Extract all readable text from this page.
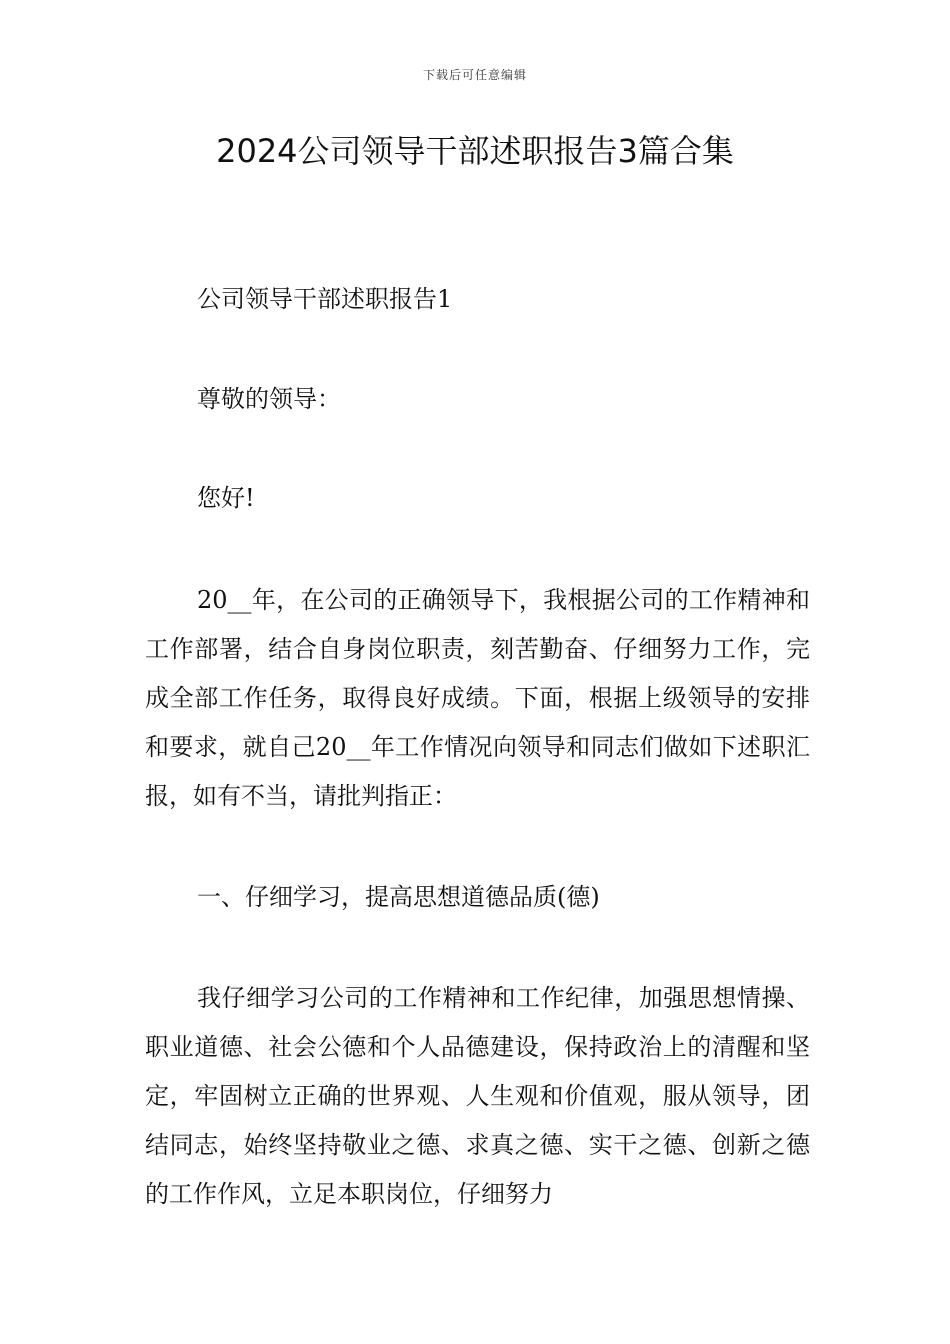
下载后可任意编辑
2024公司领导干部述职报告3篇合集

公司领导干部述职报告1

尊敬的领导：

您好!

20__年，在公司的正确领导下，我根据公司的工作精神和工作部署，结合自身岗位职责，刻苦勤奋、仔细努力工作，完成全部工作任务，取得良好成绩。下面，根据上级领导的安排和要求，就自己20__年工作情况向领导和同志们做如下述职汇报，如有不当，请批判指正：

一、仔细学习，提高思想道德品质(德)

我仔细学习公司的工作精神和工作纪律，加强思想情操、职业道德、社会公德和个人品德建设，保持政治上的清醒和坚定，牢固树立正确的世界观、人生观和价值观，服从领导，团结同志，始终坚持敬业之德、求真之德、实干之德、创新之德的工作作风，立足本职岗位，仔细努力
